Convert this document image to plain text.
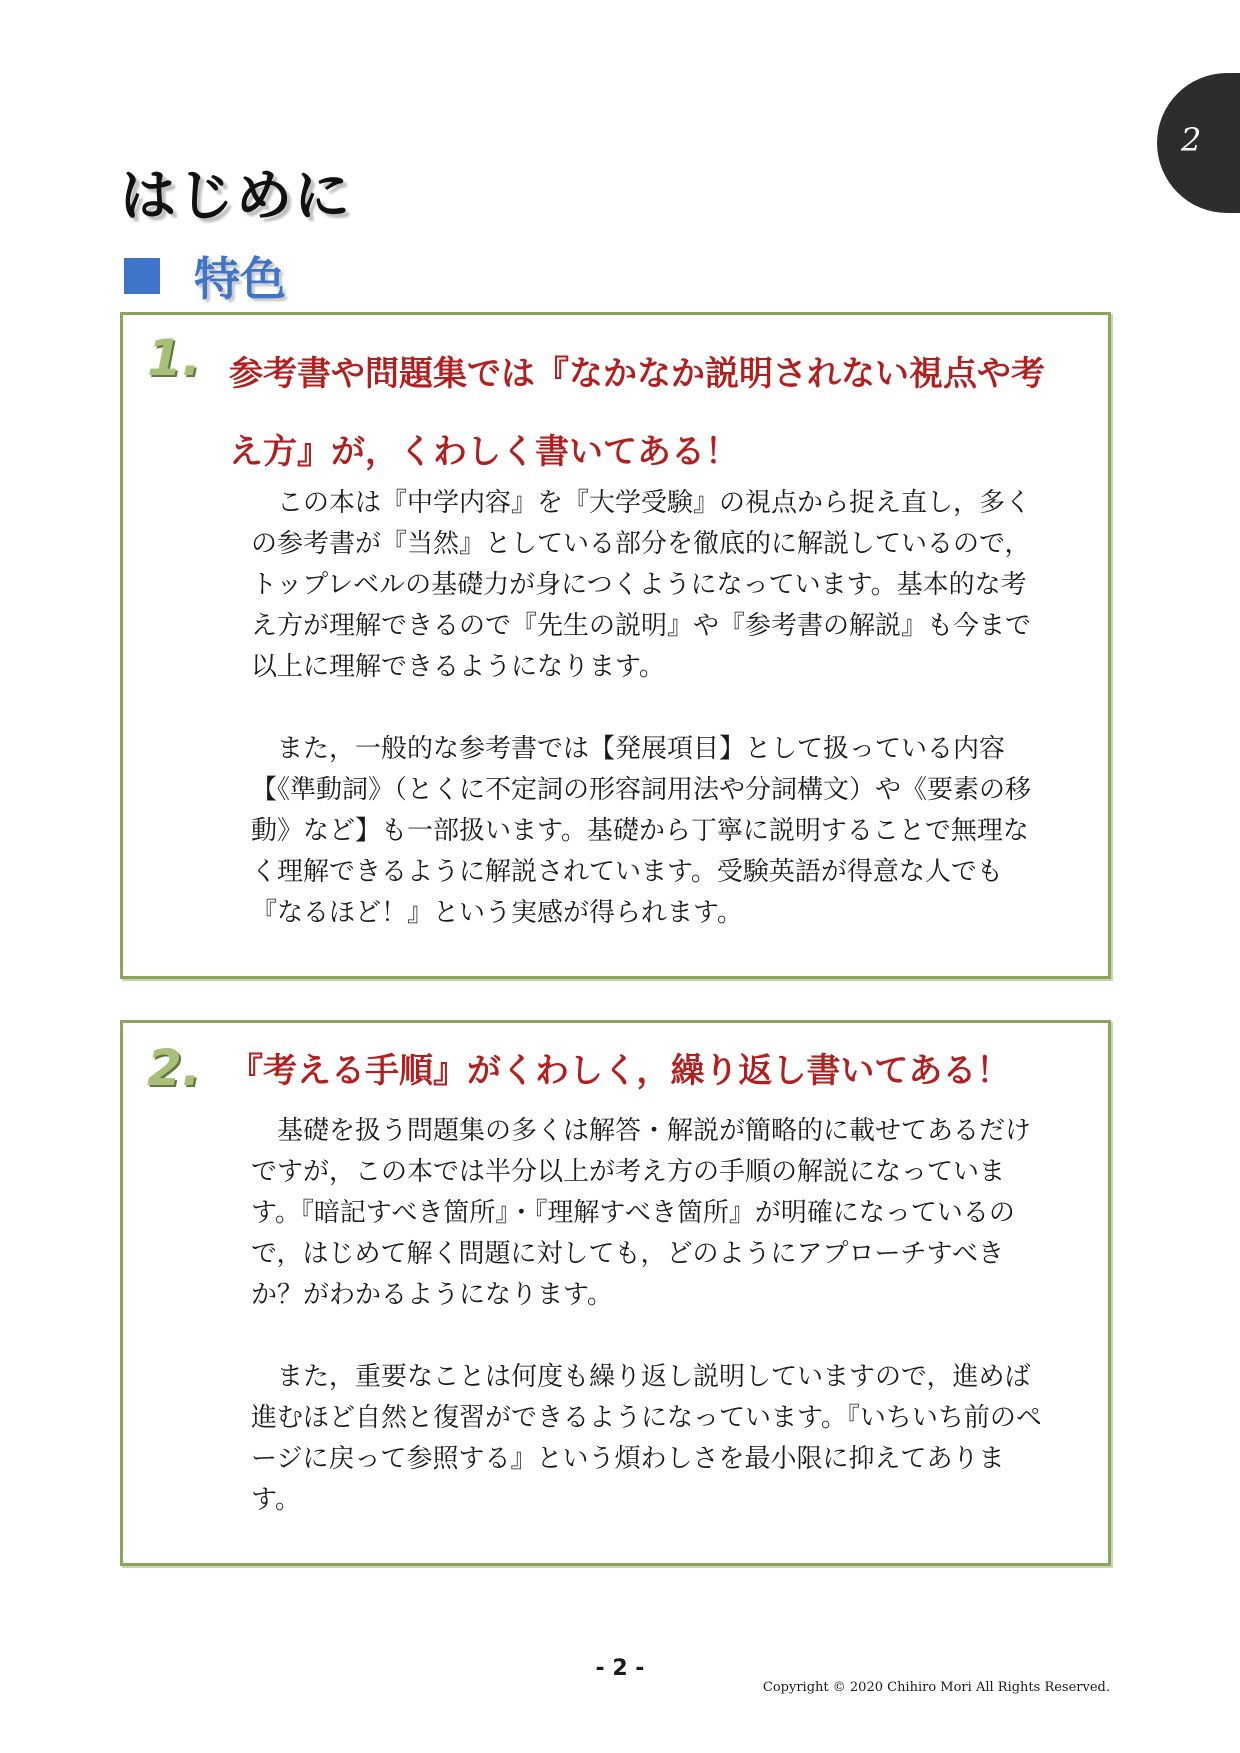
2
はじめに
特色
1. 参考書や問題集では『なかなか説明されない視点や考え方』が，くわしく書いてある！

この本は『中学内容』を『大学受験』の視点から捉え直し，多くの参考書が『当然』としている部分を徹底的に解説しているので，トップレベルの基礎力が身につくようになっています。基本的な考え方が理解できるので『先生の説明』や『参考書の解説』も今まで以上に理解できるようになります。

また，一般的な参考書では【発展項目】として扱っている内容【《準動詞》（とくに不定詞の形容詞用法や分詞構文）や《要素の移動》など】も一部扱います。基礎から丁寧に説明することで無理なく理解できるように解説されています。受験英語が得意な人でも『なるほど！』という実感が得られます。

2. 『考える手順』がくわしく，繰り返し書いてある！

基礎を扱う問題集の多くは解答・解説が簡略的に載せてあるだけですが，この本では半分以上が考え方の手順の解説になっています。『暗記すべき箇所』・『理解すべき箇所』が明確になっているので，はじめて解く問題に対しても，どのようにアプローチすべきか？がわかるようになります。

また，重要なことは何度も繰り返し説明していますので，進めば進むほど自然と復習ができるようになっています。『いちいち前のページに戻って参照する』という煩わしさを最小限に抑えてあります。

- 2 -
Copyright © 2020 Chihiro Mori All Rights Reserved.
